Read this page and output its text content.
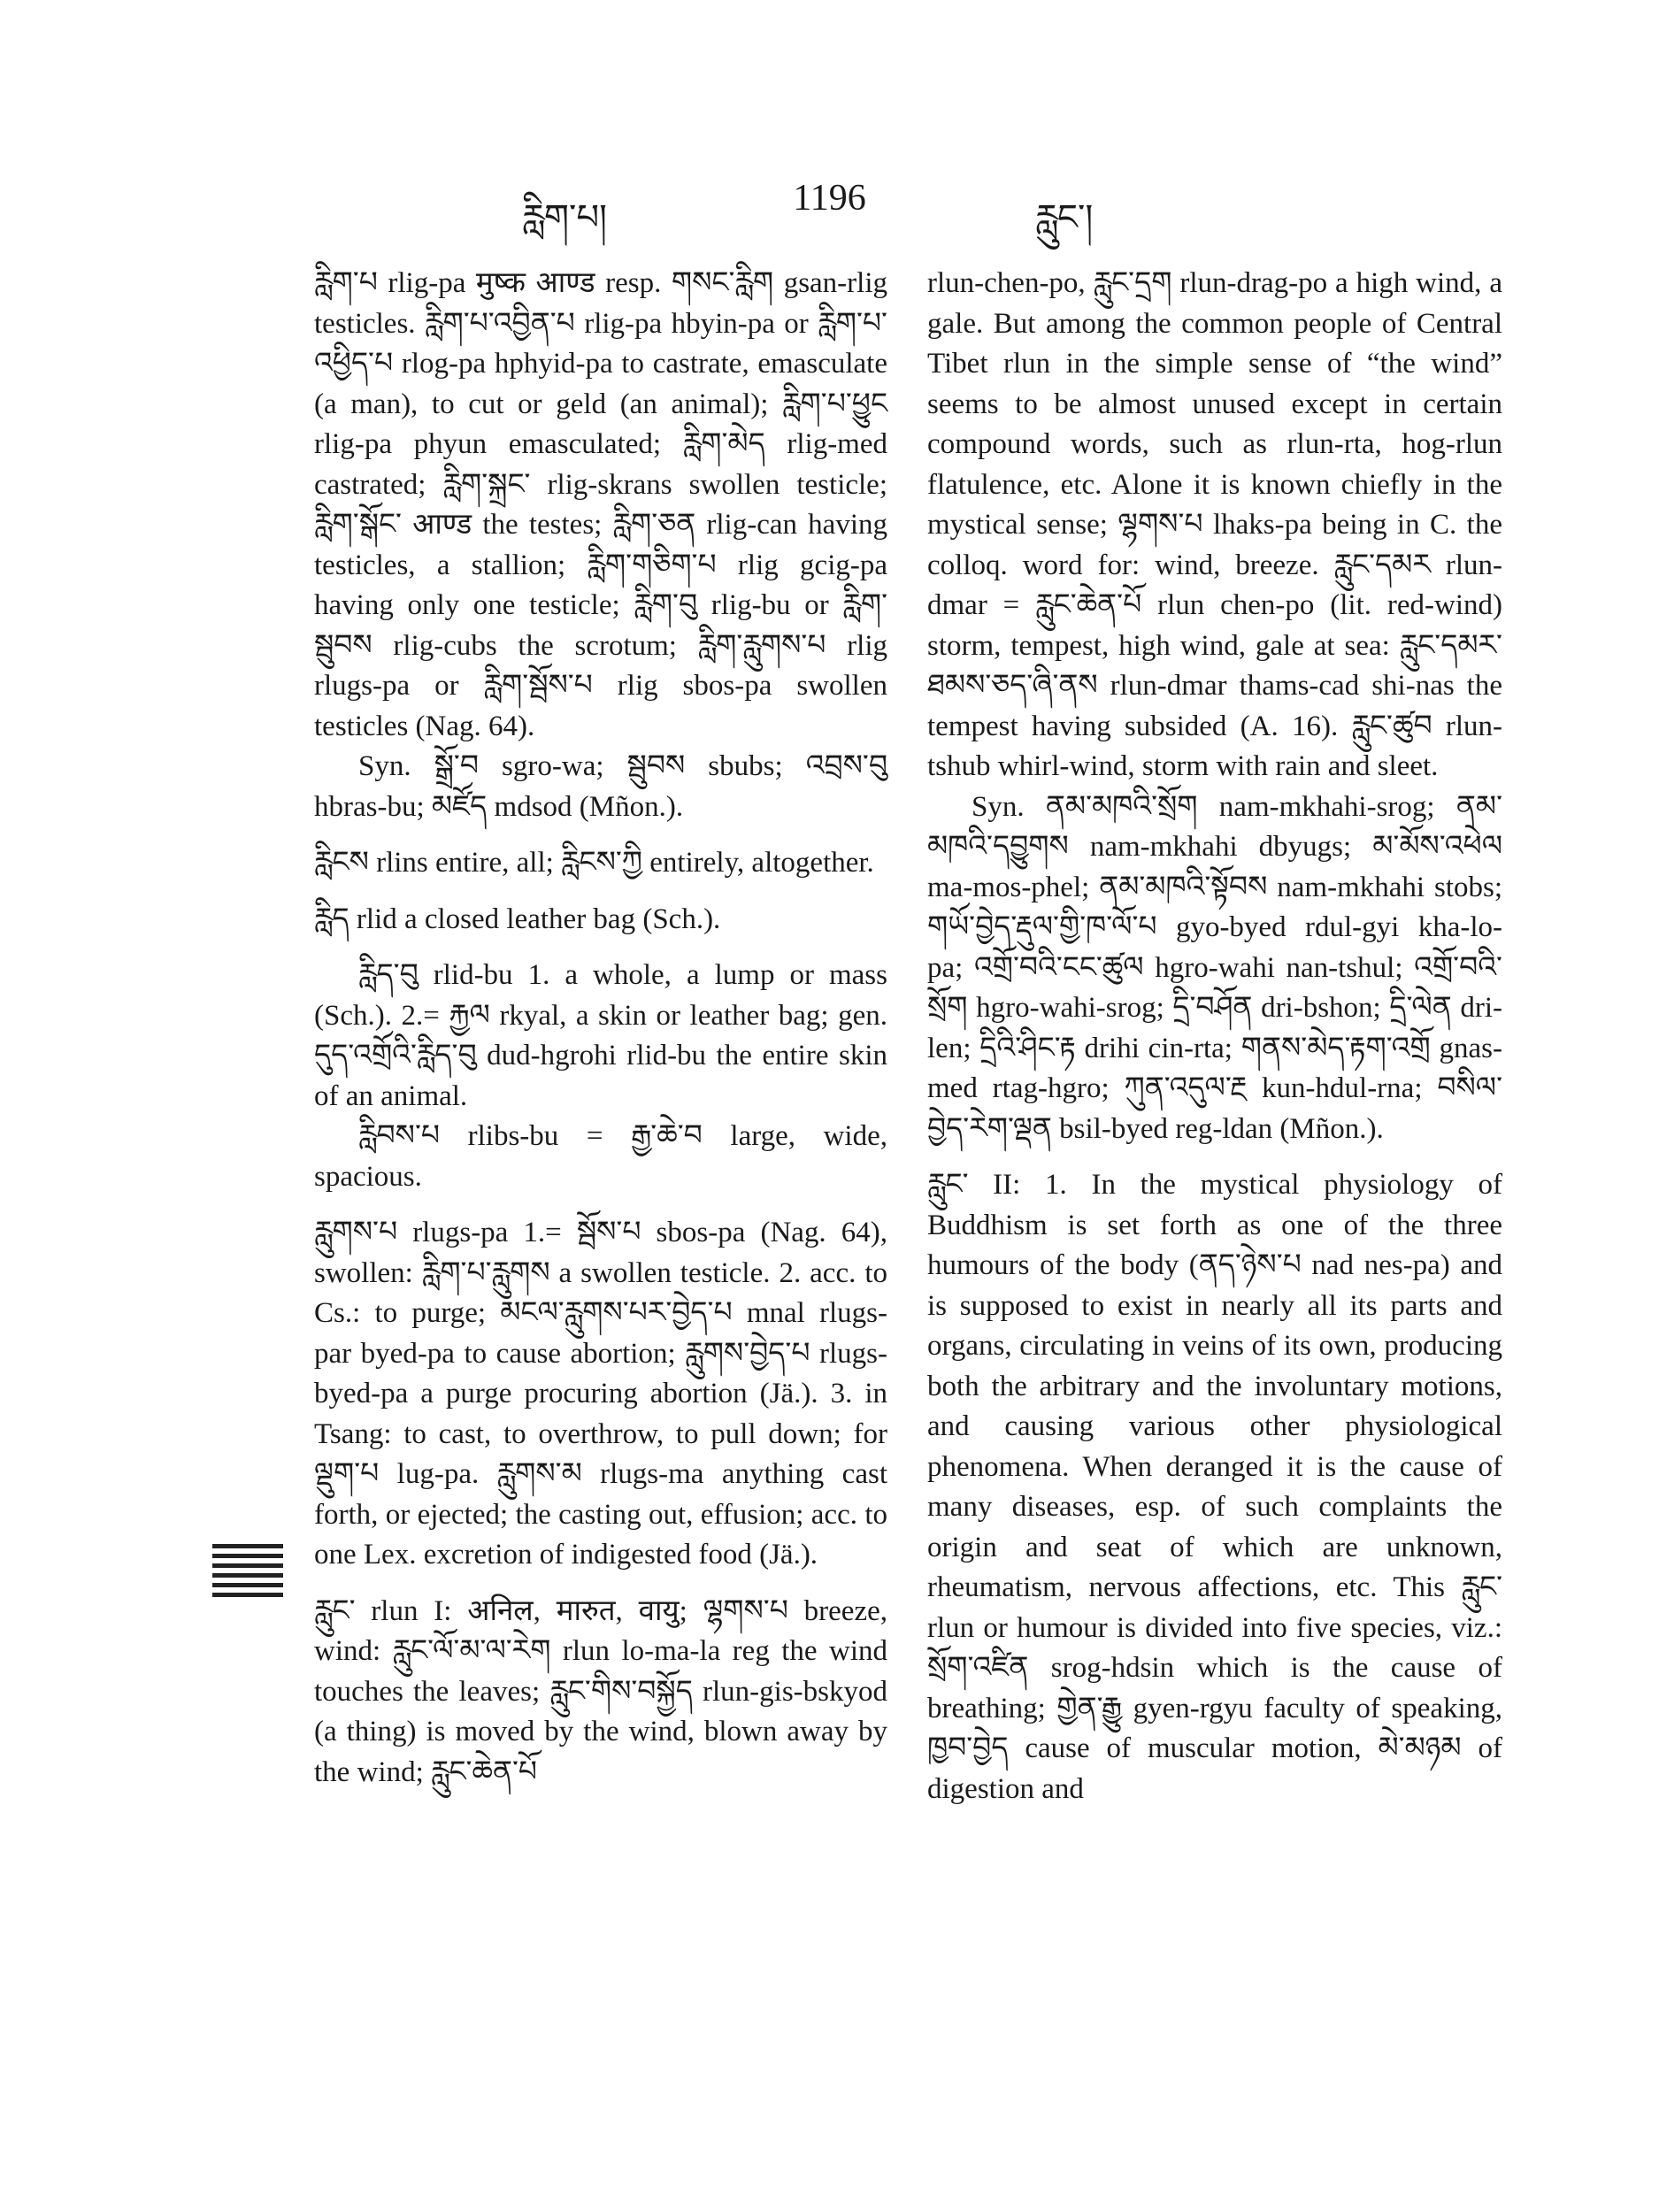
རླིག་པ།	1196	རླུང་།

རླིག་པ rlig-pa मुष्क आण्ड resp. གསང་རླིག gsan-rlig testicles. རླིག་པ་འབྱིན་པ rlig-pa hbyin-pa or རླིག་པ་འཕྱིད་པ rlog-pa hphyid-pa to castrate, emasculate (a man), to cut or geld (an animal); རླིག་པ་ཕྱུང rlig-pa phyun emasculated; རླིག་མེད rlig-med castrated; རླིག་སྐྲང་ rlig-skrans swollen testicle; རླིག་སྒོང་ आण्ड the testes; རླིག་ཅན rlig-can having testicles, a stallion; རླིག་གཅིག་པ rlig gcig-pa having only one testicle; རླིག་བུ rlig-bu or རླིག་སྦུབས rlig-cubs the scrotum; རླིག་རླུགས་པ rlig rlugs-pa or རླིག་སྦོས་པ rlig sbos-pa swollen testicles (Nag. 64).

Syn. སྒྲོ་བ sgro-wa; སྦུབས sbubs; འབྲས་བུ hbras-bu; མཛོད mdsod (Mñon.).

རླིངས rlins entire, all; རླིངས་ཀྱི entirely, altogether.

རླིད rlid a closed leather bag (Sch.).

རླིད་བུ rlid-bu 1. a whole, a lump or mass (Sch.). 2.= རྐྱལ rkyal, a skin or leather bag; gen. དུད་འགྲོའི་རླིད་བུ dud-hgrohi rlid-bu the entire skin of an animal.

རླིབས་པ rlibs-bu = རྒྱ་ཆེ་བ large, wide, spacious.

རླུགས་པ rlugs-pa 1.= སྦོས་པ sbos-pa (Nag. 64), swollen: རླིག་པ་རླུགས a swollen testicle. 2. acc. to Cs.: to purge; མངལ་རླུགས་པར་བྱེད་པ mnal rlugs-par byed-pa to cause abortion; རླུགས་བྱེད་པ rlugs-byed-pa a purge procuring abortion (Jä.). 3. in Tsang: to cast, to overthrow, to pull down; for ལྡུག་པ lug-pa. རླུགས་མ rlugs-ma anything cast forth, or ejected; the casting out, effusion; acc. to one Lex. excretion of indigested food (Jä.).

རླུང་ rlun I: अनिल, मारुत, वायु; ལྷགས་པ breeze, wind: རླུང་ལོ་མ་ལ་རེག rlun lo-ma-la reg the wind touches the leaves; རླུང་གིས་བསྐྱོད rlun-gis-bskyod (a thing) is moved by the wind, blown away by the wind; རླུང་ཆེན་པོ

rlun-chen-po, རླུང་དྲག rlun-drag-po a high wind, a gale. But among the common people of Central Tibet rlun in the simple sense of “the wind” seems to be almost unused except in certain compound words, such as rlun-rta, hog-rlun flatulence, etc. Alone it is known chiefly in the mystical sense; ལྷགས་པ lhaks-pa being in C. the colloq. word for: wind, breeze. རླུང་དམར rlun-dmar = རླུང་ཆེན་པོ rlun chen-po (lit. red-wind) storm, tempest, high wind, gale at sea: རླུང་དམར་ཐམས་ཅད་ཞི་ནས rlun-dmar thams-cad shi-nas the tempest having subsided (A. 16). རླུང་ཚུབ rlun-tshub whirl-wind, storm with rain and sleet.

Syn. ནམ་མཁའི་སྲོག nam-mkhahi-srog; ནམ་མཁའི་དབྱུགས nam-mkhahi dbyugs; མ་མོས་འཕེལ ma-mos-phel; ནམ་མཁའི་སྟོབས nam-mkhahi stobs; གཡོ་བྱེད་རྡུལ་གྱི་ཁ་ལོ་པ gyo-byed rdul-gyi kha-lo-pa; འགྲོ་བའི་ངང་ཚུལ hgro-wahi nan-tshul; འགྲོ་བའི་སྲོག hgro-wahi-srog; དྲི་བཤོན dri-bshon; དྲི་ལེན dri-len; དྲིའི་ཤིང་རྟ drihi cin-rta; གནས་མེད་རྟག་འགྲོ gnas-med rtag-hgro; ཀུན་འདུལ་རྔ kun-hdul-rna; བསིལ་བྱེད་རེག་ལྡན bsil-byed reg-ldan (Mñon.).

རླུང་ II: 1. In the mystical physiology of Buddhism is set forth as one of the three humours of the body (ནད་ཉེས་པ nad nes-pa) and is supposed to exist in nearly all its parts and organs, circulating in veins of its own, producing both the arbitrary and the involuntary motions, and causing various other physiological phenomena. When deranged it is the cause of many diseases, esp. of such complaints the origin and seat of which are unknown, rheumatism, nervous affections, etc. This རླུང་ rlun or humour is divided into five species, viz.: སྲོག་འཛིན srog-hdsin which is the cause of breathing; གྱེན་རྒྱུ gyen-rgyu faculty of speaking, ཁྱབ་བྱེད cause of muscular motion, མེ་མཉམ of digestion and
